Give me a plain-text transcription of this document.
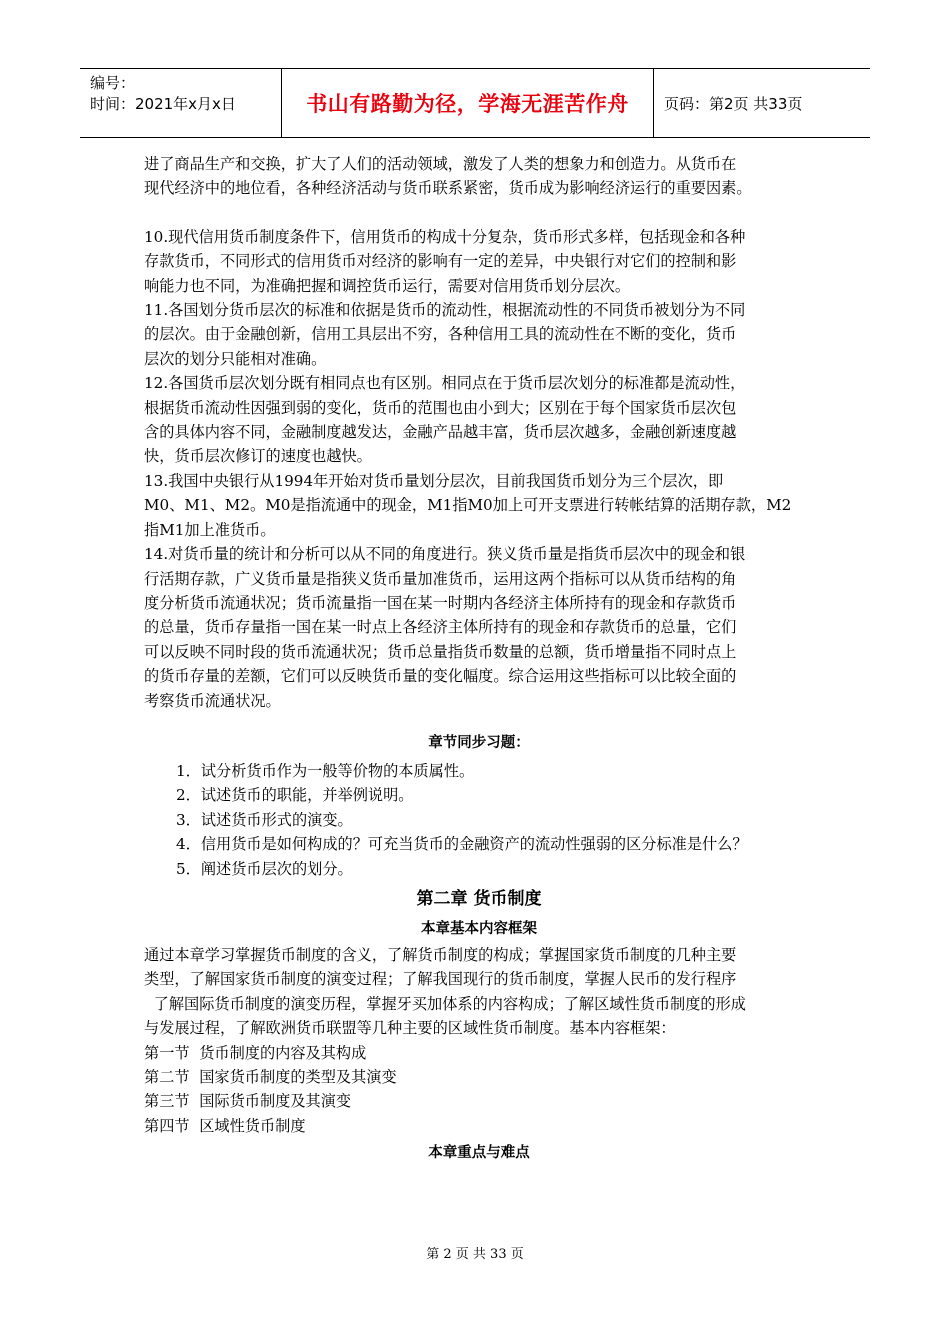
编号：
时间：2021年x月x日	书山有路勤为径，学海无涯苦作舟	页码：第2页 共33页

进了商品生产和交换，扩大了人们的活动领域，激发了人类的想象力和创造力。从货币在

现代经济中的地位看，各种经济活动与货币联系紧密，货币成为影响经济运行的重要因素。

10.现代信用货币制度条件下，信用货币的构成十分复杂，货币形式多样，包括现金和各种

存款货币，不同形式的信用货币对经济的影响有一定的差异，中央银行对它们的控制和影

响能力也不同，为准确把握和调控货币运行，需要对信用货币划分层次。

11.各国划分货币层次的标准和依据是货币的流动性，根据流动性的不同货币被划分为不同

的层次。由于金融创新，信用工具层出不穷，各种信用工具的流动性在不断的变化，货币

层次的划分只能相对准确。

12.各国货币层次划分既有相同点也有区别。相同点在于货币层次划分的标准都是流动性，

根据货币流动性因强到弱的变化，货币的范围也由小到大；区别在于每个国家货币层次包

含的具体内容不同，金融制度越发达，金融产品越丰富，货币层次越多，金融创新速度越

快，货币层次修订的速度也越快。

13.我国中央银行从1994年开始对货币量划分层次，目前我国货币划分为三个层次，即

M0、M1、M2。M0是指流通中的现金，M1指M0加上可开支票进行转帐结算的活期存款，M2

指M1加上准货币。

14.对货币量的统计和分析可以从不同的角度进行。狭义货币量是指货币层次中的现金和银

行活期存款，广义货币量是指狭义货币量加准货币，运用这两个指标可以从货币结构的角

度分析货币流通状况；货币流量指一国在某一时期内各经济主体所持有的现金和存款货币

的总量，货币存量指一国在某一时点上各经济主体所持有的现金和存款货币的总量，它们

可以反映不同时段的货币流通状况；货币总量指货币数量的总额，货币增量指不同时点上

的货币存量的差额，它们可以反映货币量的变化幅度。综合运用这些指标可以比较全面的

考察货币流通状况。

章节同步习题：

1．试分析货币作为一般等价物的本质属性。

2．试述货币的职能，并举例说明。

3．试述货币形式的演变。

4．信用货币是如何构成的？可充当货币的金融资产的流动性强弱的区分标准是什么？

5．阐述货币层次的划分。

第二章 货币制度

本章基本内容框架

通过本章学习掌握货币制度的含义，了解货币制度的构成；掌握国家货币制度的几种主要

类型，了解国家货币制度的演变过程；了解我国现行的货币制度，掌握人民币的发行程序

了解国际货币制度的演变历程，掌握牙买加体系的内容构成；了解区域性货币制度的形成

与发展过程，了解欧洲货币联盟等几种主要的区域性货币制度。基本内容框架：

第一节  货币制度的内容及其构成

第二节  国家货币制度的类型及其演变

第三节  国际货币制度及其演变

第四节  区域性货币制度

本章重点与难点

第 2 页 共 33 页
